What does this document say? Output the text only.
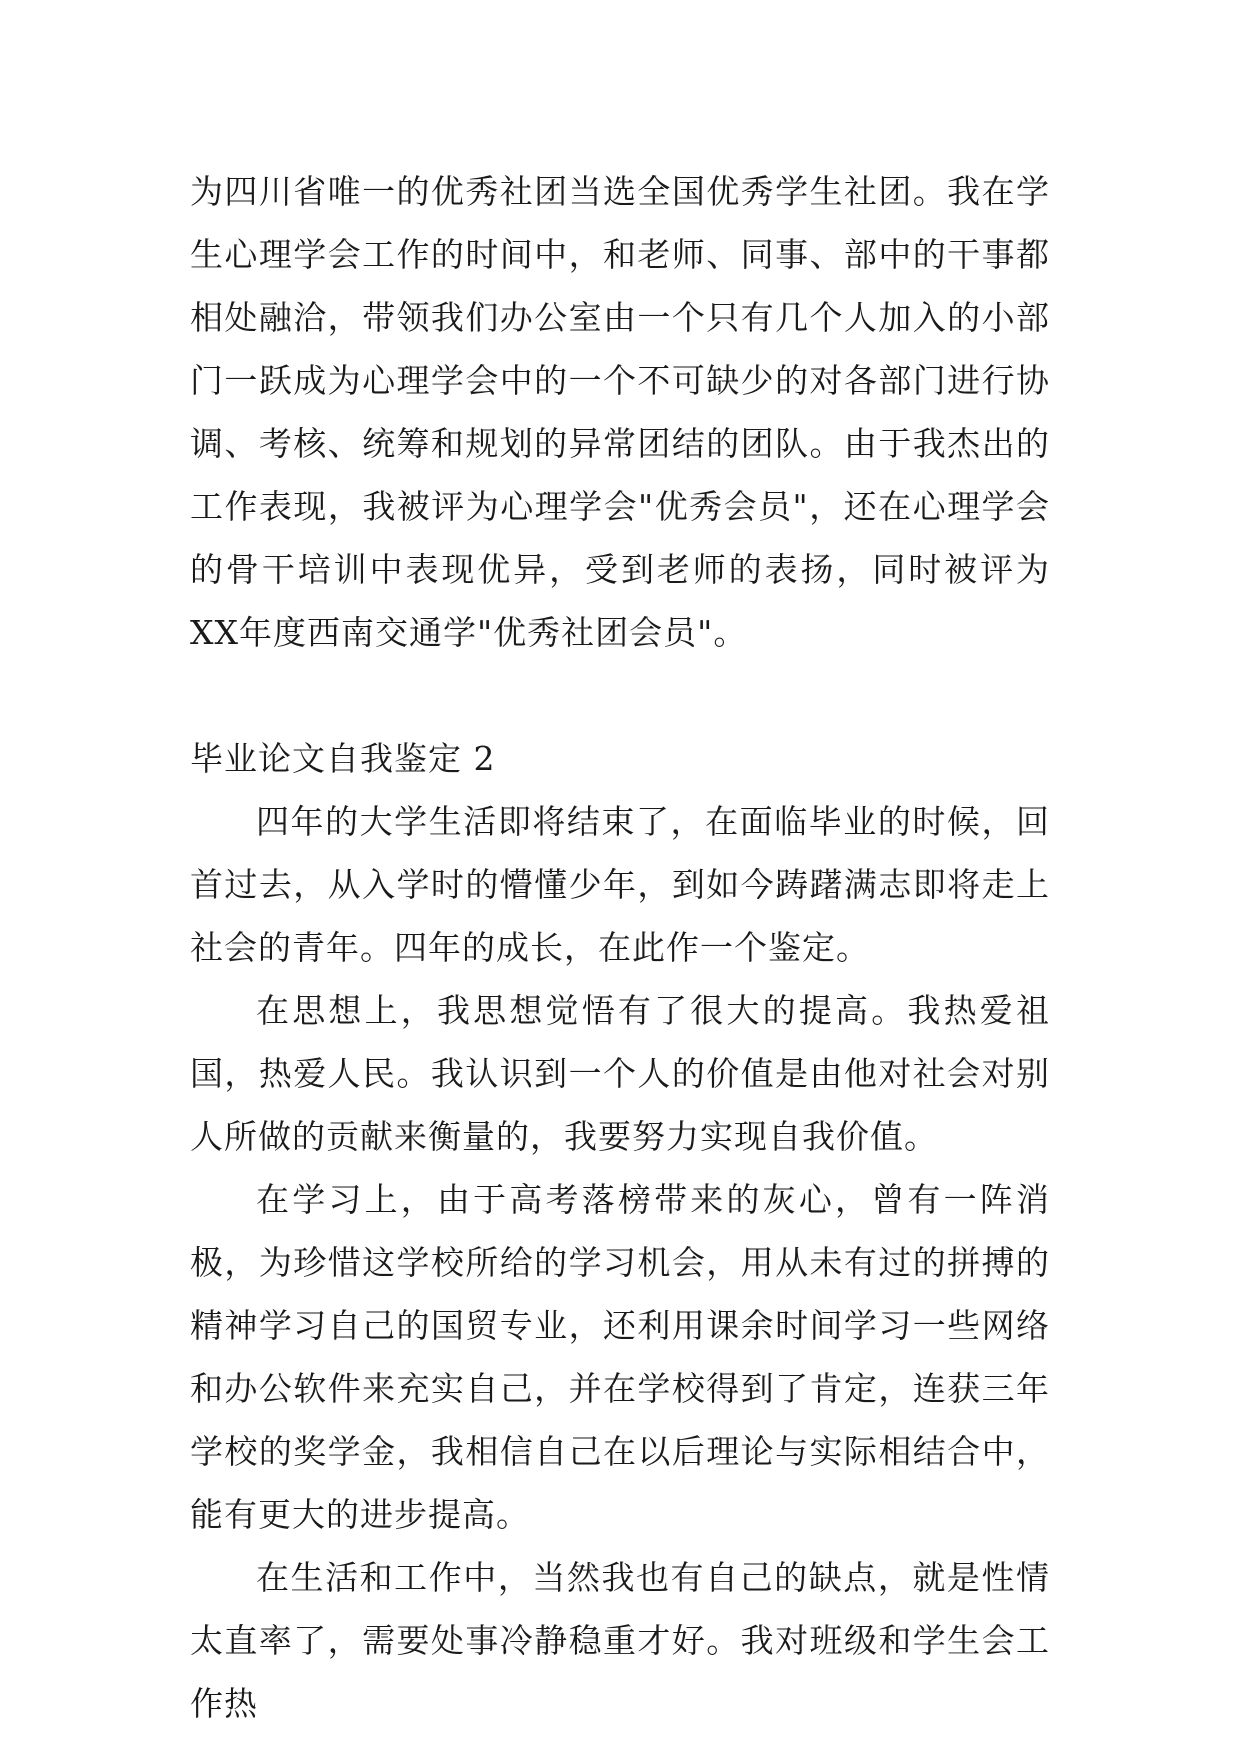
为四川省唯一的优秀社团当选全国优秀学生社团。我在学生心理学会工作的时间中，和老师、同事、部中的干事都相处融洽，带领我们办公室由一个只有几个人加入的小部门一跃成为心理学会中的一个不可缺少的对各部门进行协调、考核、统筹和规划的异常团结的团队。由于我杰出的工作表现，我被评为心理学会"优秀会员"，还在心理学会的骨干培训中表现优异，受到老师的表扬，同时被评为XX年度西南交通学"优秀社团会员"。

毕业论文自我鉴定 2

四年的大学生活即将结束了，在面临毕业的时候，回首过去，从入学时的懵懂少年，到如今踌躇满志即将走上社会的青年。四年的成长，在此作一个鉴定。

在思想上，我思想觉悟有了很大的提高。我热爱祖国，热爱人民。我认识到一个人的价值是由他对社会对别人所做的贡献来衡量的，我要努力实现自我价值。

在学习上，由于高考落榜带来的灰心，曾有一阵消极，为珍惜这学校所给的学习机会，用从未有过的拼搏的精神学习自己的国贸专业，还利用课余时间学习一些网络和办公软件来充实自己，并在学校得到了肯定，连获三年学校的奖学金，我相信自己在以后理论与实际相结合中，能有更大的进步提高。

在生活和工作中，当然我也有自己的缺点，就是性情太直率了，需要处事冷静稳重才好。我对班级和学生会工作热
